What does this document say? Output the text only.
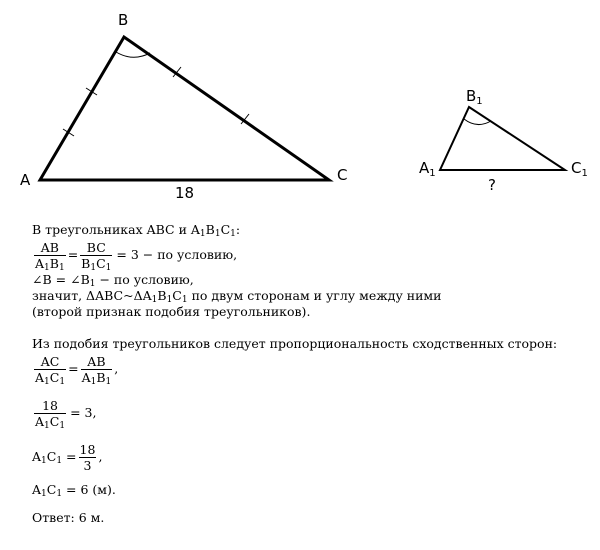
B
A	C
18
$B_1$
$A_1$	$C_1$
?
В треугольниках ABC и $A_1B_1C_1$:
$\frac{AB}{A_1B_1} = \frac{BC}{B_1C_1} = 3$ − по условию,
∠B = $\angle B_1$ − по условию,
значит, $\Delta ABC\sim\Delta A_1B_1C_1$ по двум сторонам и углу между ними
(второй признак подобия треугольников).
Из подобия треугольников следует пропорциональность сходственных сторон:
$\frac{AC}{A_1C_1} = \frac{AB}{A_1B_1}$ ,
$\frac{18}{A_1C_1} = 3$,
$A_1C_1 = \frac{18}{3}$ ,
$A_1C_1 = 6$ (м).
Ответ: 6 м.
